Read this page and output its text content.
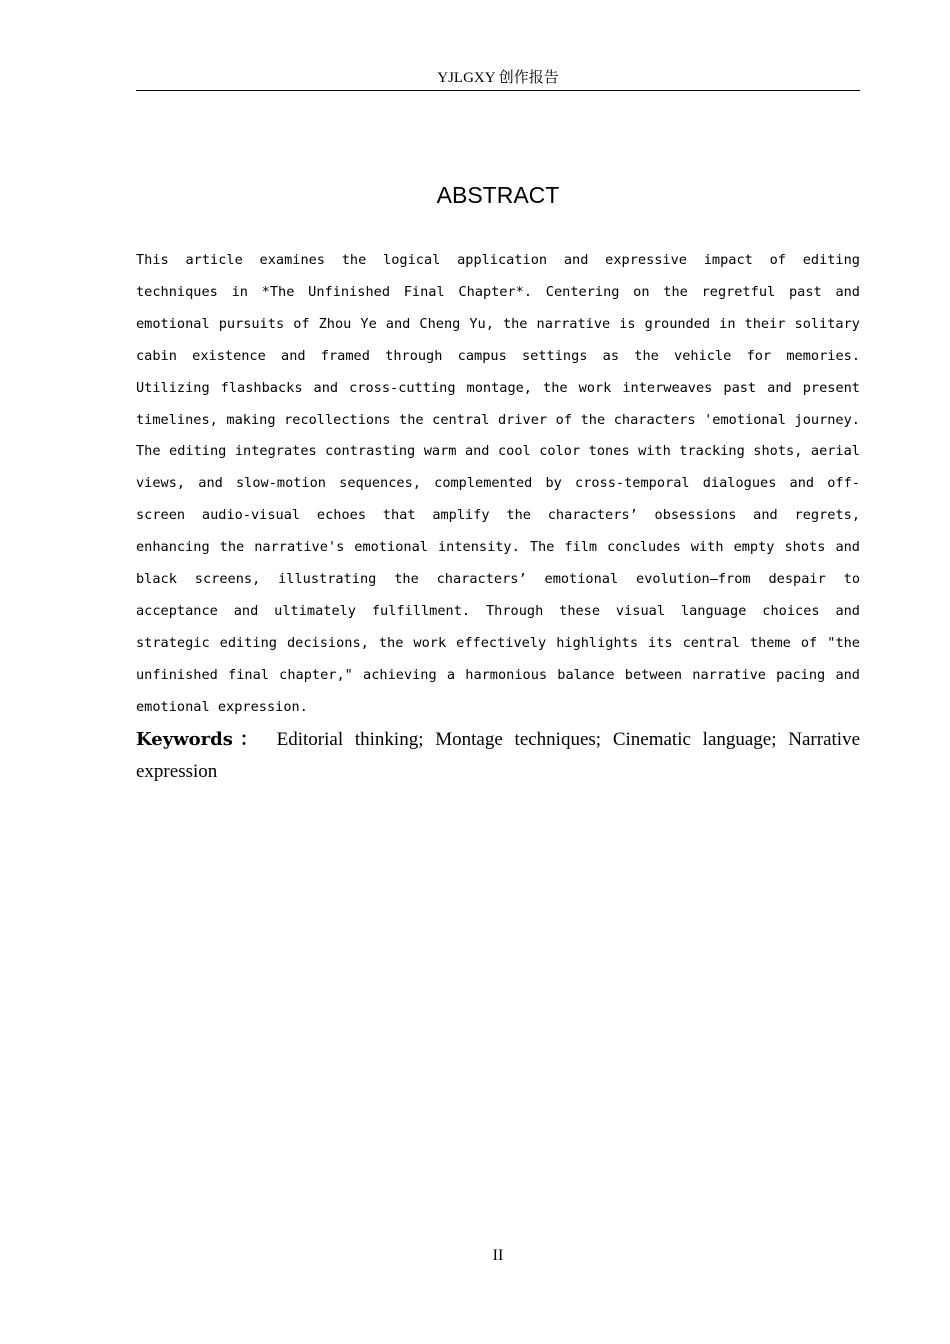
YJLGXY 创作报告
ABSTRACT

This article examines the logical application and expressive impact of editing techniques in *The Unfinished Final Chapter*. Centering on the regretful past and emotional pursuits of Zhou Ye and Cheng Yu, the narrative is grounded in their solitary cabin existence and framed through campus settings as the vehicle for memories. Utilizing flashbacks and cross-cutting montage, the work interweaves past and present timelines, making recollections the central driver of the characters 'emotional journey. The editing integrates contrasting warm and cool color tones with tracking shots, aerial views, and slow-motion sequences, complemented by cross-temporal dialogues and off-screen audio-visual echoes that amplify the characters’ obsessions and regrets, enhancing the narrative's emotional intensity. The film concludes with empty shots and black screens, illustrating the characters’ emotional evolution—from despair to acceptance and ultimately fulfillment. Through these visual language choices and strategic editing decisions, the work effectively highlights its central theme of "the unfinished final chapter," achieving a harmonious balance between narrative pacing and emotional expression.

Keywords： Editorial thinking; Montage techniques; Cinematic language; Narrative expression

II
